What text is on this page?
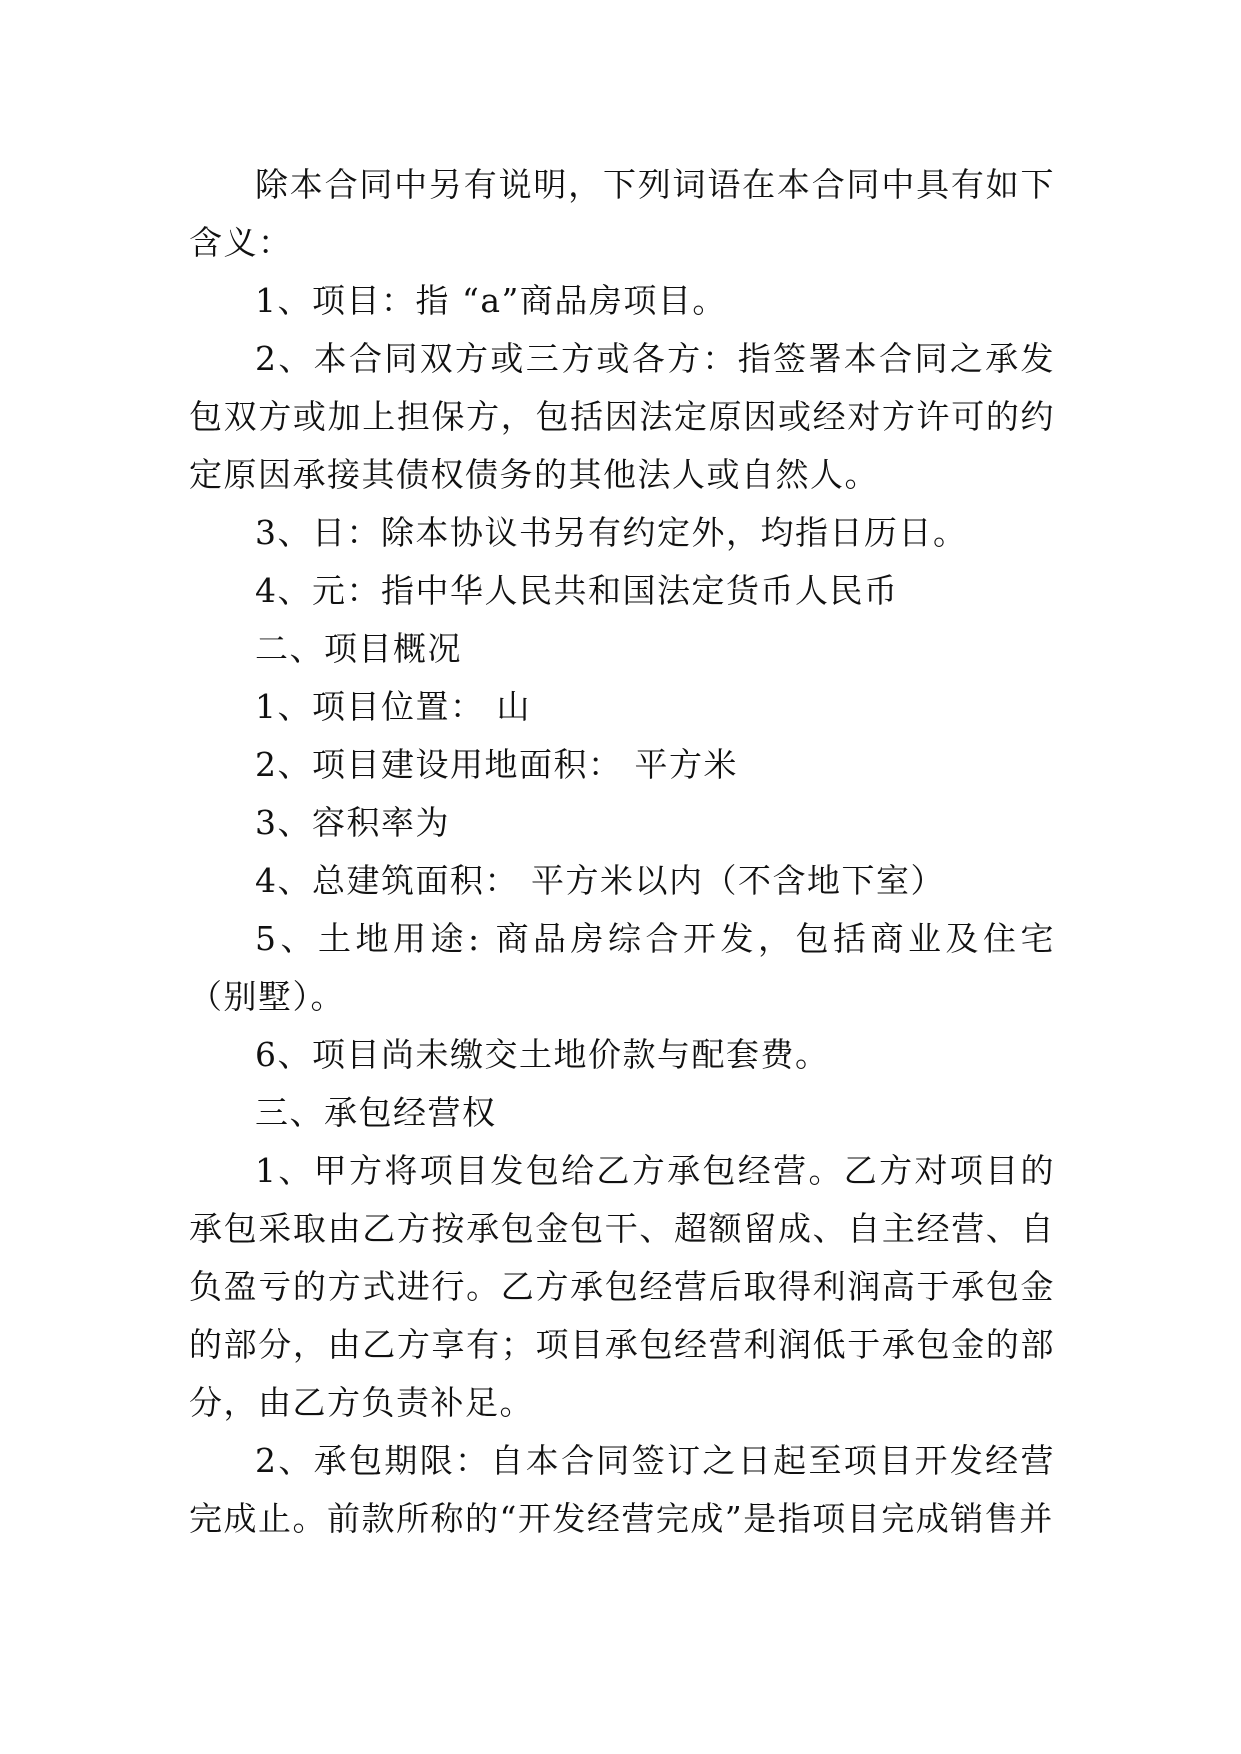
除本合同中另有说明，下列词语在本合同中具有如下含义：

1、项目：指 “a”商品房项目。

2、本合同双方或三方或各方：指签署本合同之承发包双方或加上担保方，包括因法定原因或经对方许可的约定原因承接其债权债务的其他法人或自然人。

3、日：除本协议书另有约定外，均指日历日。

4、元：指中华人民共和国法定货币人民币

二、项目概况

1、项目位置： 山

2、项目建设用地面积： 平方米

3、容积率为

4、总建筑面积： 平方米以内（不含地下室）

5、土地用途: 商品房综合开发，包括商业及住宅（别墅）。

6、项目尚未缴交土地价款与配套费。

三、承包经营权

1、甲方将项目发包给乙方承包经营。乙方对项目的承包采取由乙方按承包金包干、超额留成、自主经营、自负盈亏的方式进行。乙方承包经营后取得利润高于承包金的部分，由乙方享有；项目承包经营利润低于承包金的部分，由乙方负责补足。

2、承包期限：自本合同签订之日起至项目开发经营完成止。前款所称的“开发经营完成”是指项目完成销售并
